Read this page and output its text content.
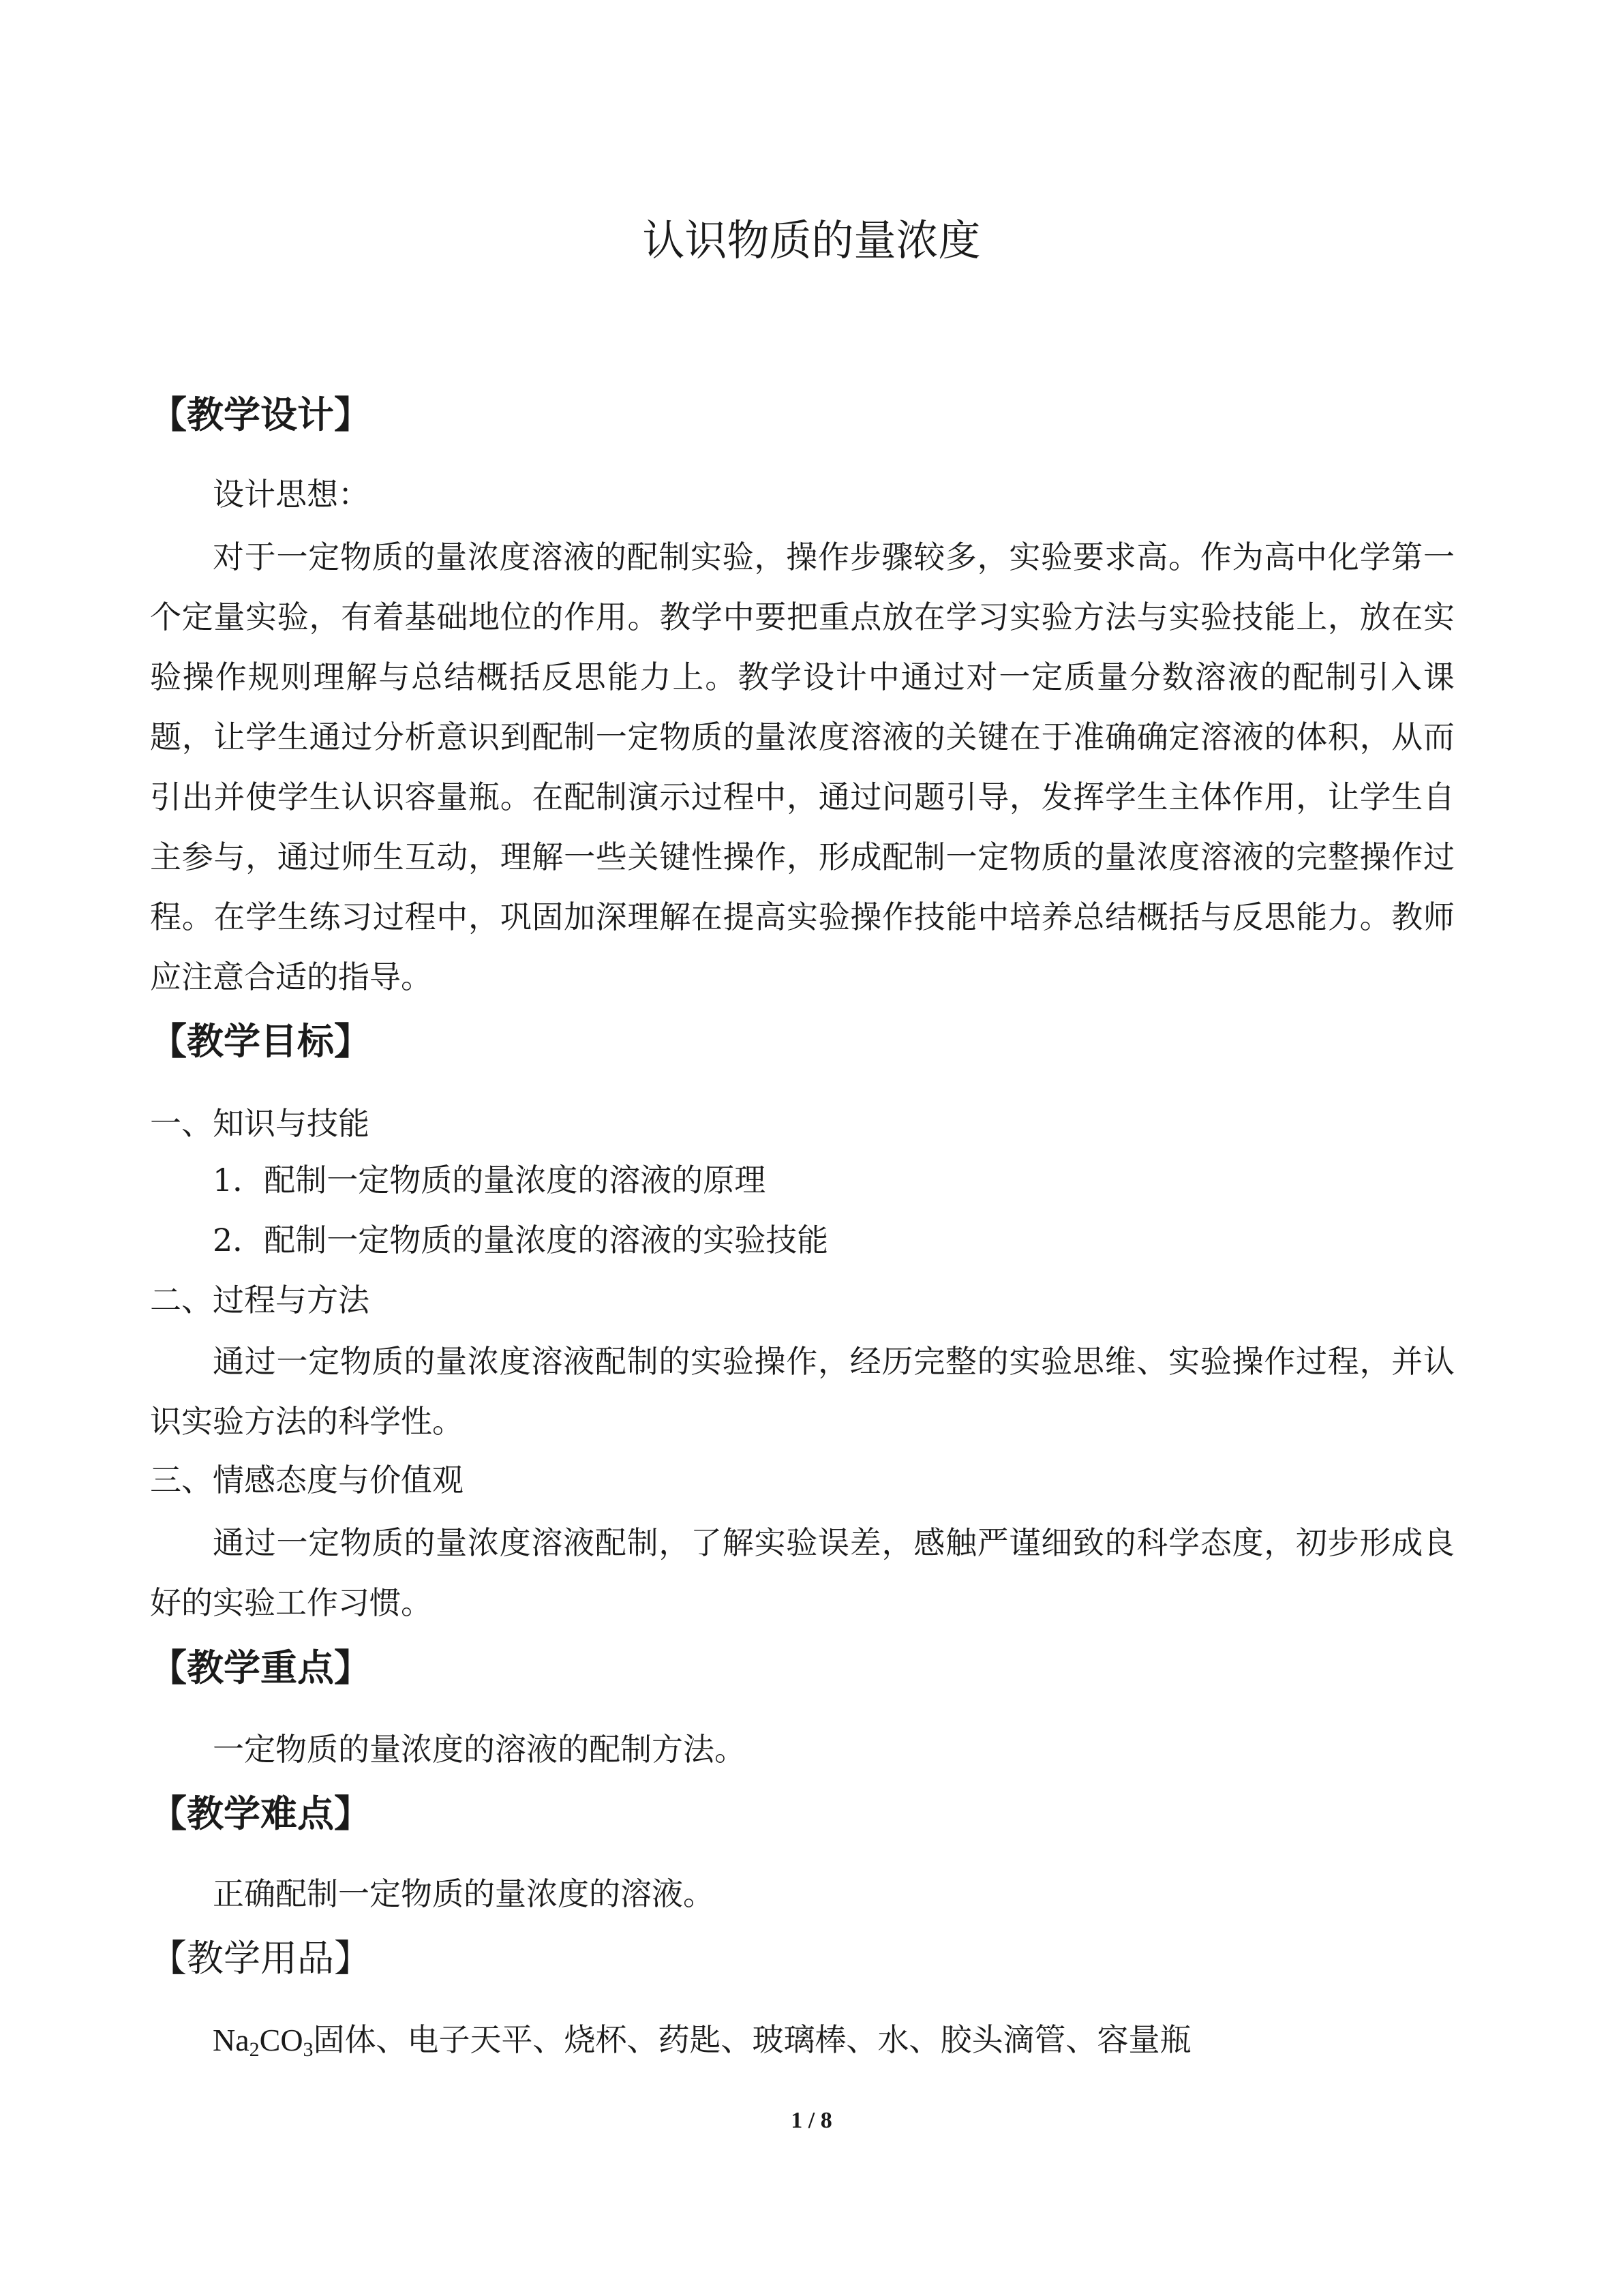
认识物质的量浓度
【教学设计】
设计思想：
对于一定物质的量浓度溶液的配制实验，操作步骤较多，实验要求高。作为高中化学第一个定量实验，有着基础地位的作用。教学中要把重点放在学习实验方法与实验技能上，放在实验操作规则理解与总结概括反思能力上。教学设计中通过对一定质量分数溶液的配制引入课题，让学生通过分析意识到配制一定物质的量浓度溶液的关键在于准确确定溶液的体积，从而引出并使学生认识容量瓶。在配制演示过程中，通过问题引导，发挥学生主体作用，让学生自主参与，通过师生互动，理解一些关键性操作，形成配制一定物质的量浓度溶液的完整操作过程。在学生练习过程中，巩固加深理解在提高实验操作技能中培养总结概括与反思能力。教师应注意合适的指导。
【教学目标】
一、知识与技能
1．配制一定物质的量浓度的溶液的原理
2．配制一定物质的量浓度的溶液的实验技能
二、过程与方法
通过一定物质的量浓度溶液配制的实验操作，经历完整的实验思维、实验操作过程，并认识实验方法的科学性。
三、情感态度与价值观
通过一定物质的量浓度溶液配制，了解实验误差，感触严谨细致的科学态度，初步形成良好的实验工作习惯。
【教学重点】
一定物质的量浓度的溶液的配制方法。
【教学难点】
正确配制一定物质的量浓度的溶液。
【教学用品】
$Na_2CO_3$固体、电子天平、烧杯、药匙、玻璃棒、水、胶头滴管、容量瓶
1 / 8
